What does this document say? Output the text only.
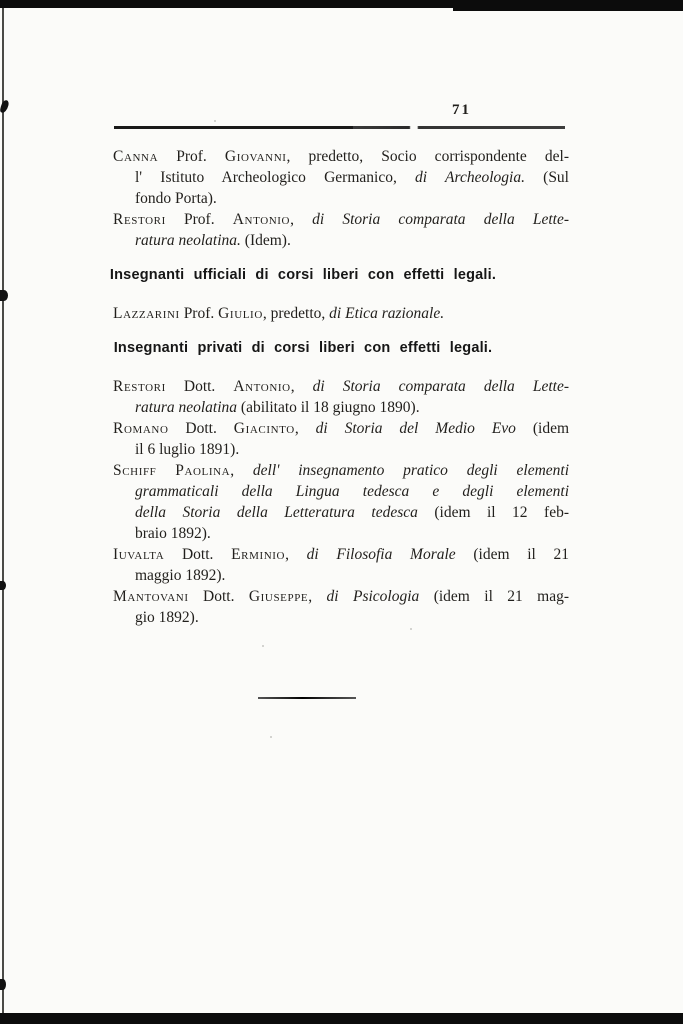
71
Canna Prof. Giovanni, predetto, Socio corrispondente del-
l' Istituto Archeologico Germanico, di Archeologia. (Sul
fondo Porta).
Restori Prof. Antonio, di Storia comparata della Lette-
ratura neolatina. (Idem).
Insegnanti ufficiali di corsi liberi con effetti legali.
Lazzarini Prof. Giulio, predetto, di Etica razionale.
Insegnanti privati di corsi liberi con effetti legali.
Restori Dott. Antonio, di Storia comparata della Lette-
ratura neolatina (abilitato il 18 giugno 1890).
Romano Dott. Giacinto, di Storia del Medio Evo (idem
il 6 luglio 1891).
Schiff Paolina, dell' insegnamento pratico degli elementi
grammaticali della Lingua tedesca e degli elementi
della Storia della Letteratura tedesca (idem il 12 feb-
braio 1892).
Iuvalta Dott. Erminio, di Filosofia Morale (idem il 21
maggio 1892).
Mantovani Dott. Giuseppe, di Psicologia (idem il 21 mag-
gio 1892).
